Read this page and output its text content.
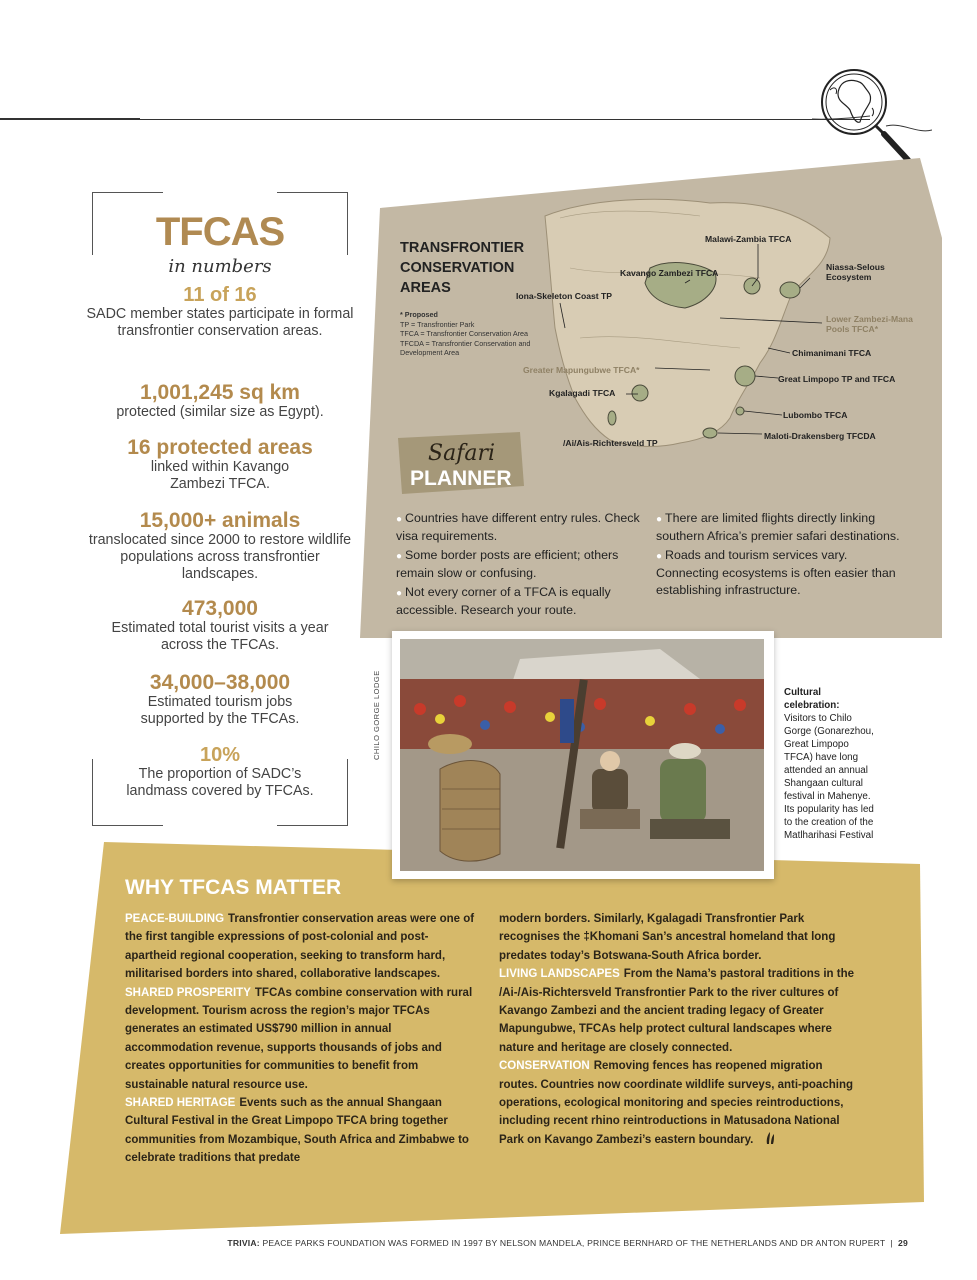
TFCAS
in numbers
11 of 16
SADC member states participate in formal transfrontier conservation areas.
1,001,245 sq km
protected (similar size as Egypt).
16 protected areas
linked within Kavango Zambezi TFCA.
15,000+ animals
translocated since 2000 to restore wildlife populations across transfrontier landscapes.
473,000
Estimated total tourist visits a year across the TFCAs.
34,000–38,000
Estimated tourism jobs supported by the TFCAs.
10%
The proportion of SADC’s landmass covered by TFCAs.
TRANSFRONTIER CONSERVATION AREAS
* Proposed
TP = Transfrontier Park
TFCA = Transfrontier Conservation Area
TFCDA = Transfrontier Conservation and Development Area
Malawi-Zambia TFCA
Niassa-Selous Ecosystem
Kavango Zambezi TFCA
Iona-Skeleton Coast TP
Lower Zambezi-Mana Pools TFCA*
Chimanimani TFCA
Greater Mapungubwe TFCA*
Great Limpopo TP and TFCA
Kgalagadi TFCA
Lubombo TFCA
/Ai/Ais-Richtersveld TP
Maloti-Drakensberg TFCDA
Safari
PLANNER
● Countries have different entry rules. Check visa requirements.
● Some border posts are efficient; others remain slow or confusing.
● Not every corner of a TFCA is equally accessible. Research your route.
● There are limited flights directly linking southern Africa’s premier safari destinations.
● Roads and tourism services vary. Connecting ecosystems is often easier than establishing infrastructure.
CHILO GORGE LODGE	Cultural celebration:
Visitors to Chilo Gorge (Gonarezhou, Great Limpopo TFCA) have long attended an annual Shangaan cultural festival in Mahenye. Its popularity has led to the creation of the Matlharihasi Festival
WHY TFCAS MATTER

PEACE-BUILDING Transfrontier conservation areas were one of the first tangible expressions of post-colonial and post-apartheid regional cooperation, seeking to transform hard, militarised borders into shared, collaborative landscapes.

SHARED PROSPERITY TFCAs combine conservation with rural development. Tourism across the region’s major TFCAs generates an estimated US$790 million in annual accommodation revenue, supports thousands of jobs and creates opportunities for communities to benefit from sustainable natural resource use.

SHARED HERITAGE Events such as the annual Shangaan Cultural Festival in the Great Limpopo TFCA bring together communities from Mozambique, South Africa and Zimbabwe to celebrate traditions that predate

modern borders. Similarly, Kgalagadi Transfrontier Park recognises the ‡Khomani San’s ancestral homeland that long predates today’s Botswana-South Africa border.

LIVING LANDSCAPES From the Nama’s pastoral traditions in the /Ai-/Ais-Richtersveld Transfrontier Park to the river cultures of Kavango Zambezi and the ancient trading legacy of Greater Mapungubwe, TFCAs help protect cultural landscapes where nature and heritage are closely connected.

CONSERVATION Removing fences has reopened migration routes. Countries now coordinate wildlife surveys, anti-poaching operations, ecological monitoring and species reintroductions, including recent rhino reintroductions in Matusadona National Park on Kavango Zambezi’s eastern boundary.

TRIVIA: PEACE PARKS FOUNDATION WAS FORMED IN 1997 BY NELSON MANDELA, PRINCE BERNHARD OF THE NETHERLANDS AND DR ANTON RUPERT | 29
